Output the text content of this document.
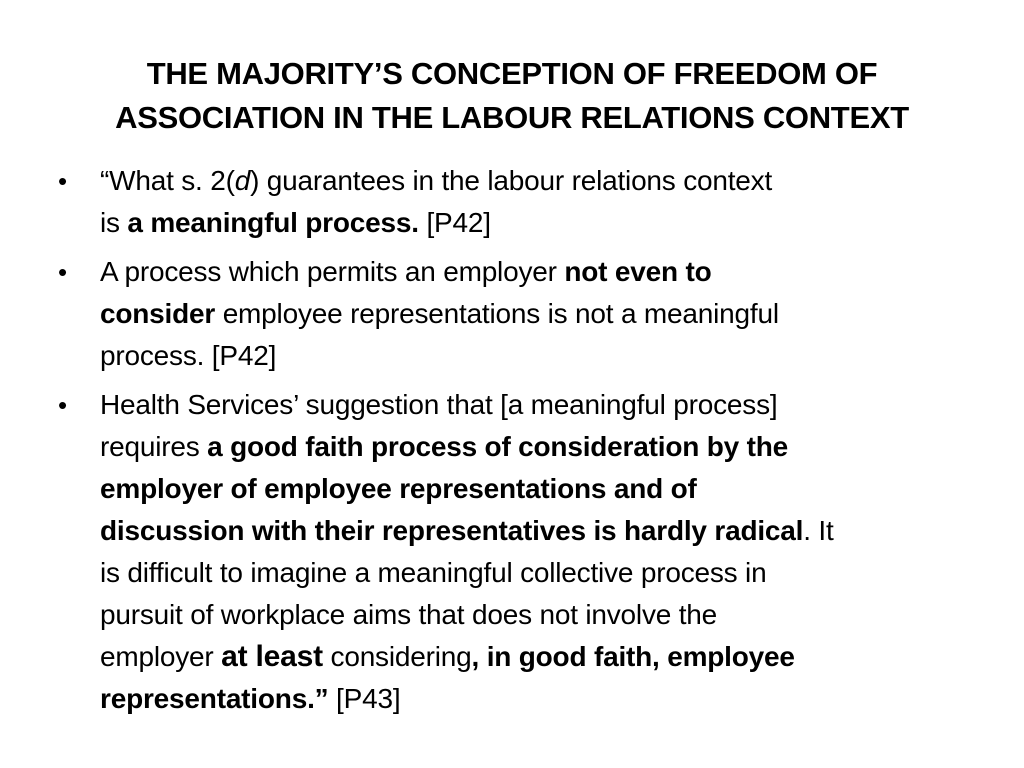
THE MAJORITY’S CONCEPTION OF FREEDOM OF
ASSOCIATION IN THE LABOUR RELATIONS CONTEXT
• “What s. 2(d) guarantees in the labour relations context
is a meaningful process. [P42]
• A process which permits an employer not even to
consider employee representations is not a meaningful
process. [P42]
• Health Services’ suggestion that [a meaningful process]
requires a good faith process of consideration by the
employer of employee representations and of
discussion with their representatives is hardly radical. It
is difficult to imagine a meaningful collective process in
pursuit of workplace aims that does not involve the
employer at least considering, in good faith, employee
representations.” [P43]
